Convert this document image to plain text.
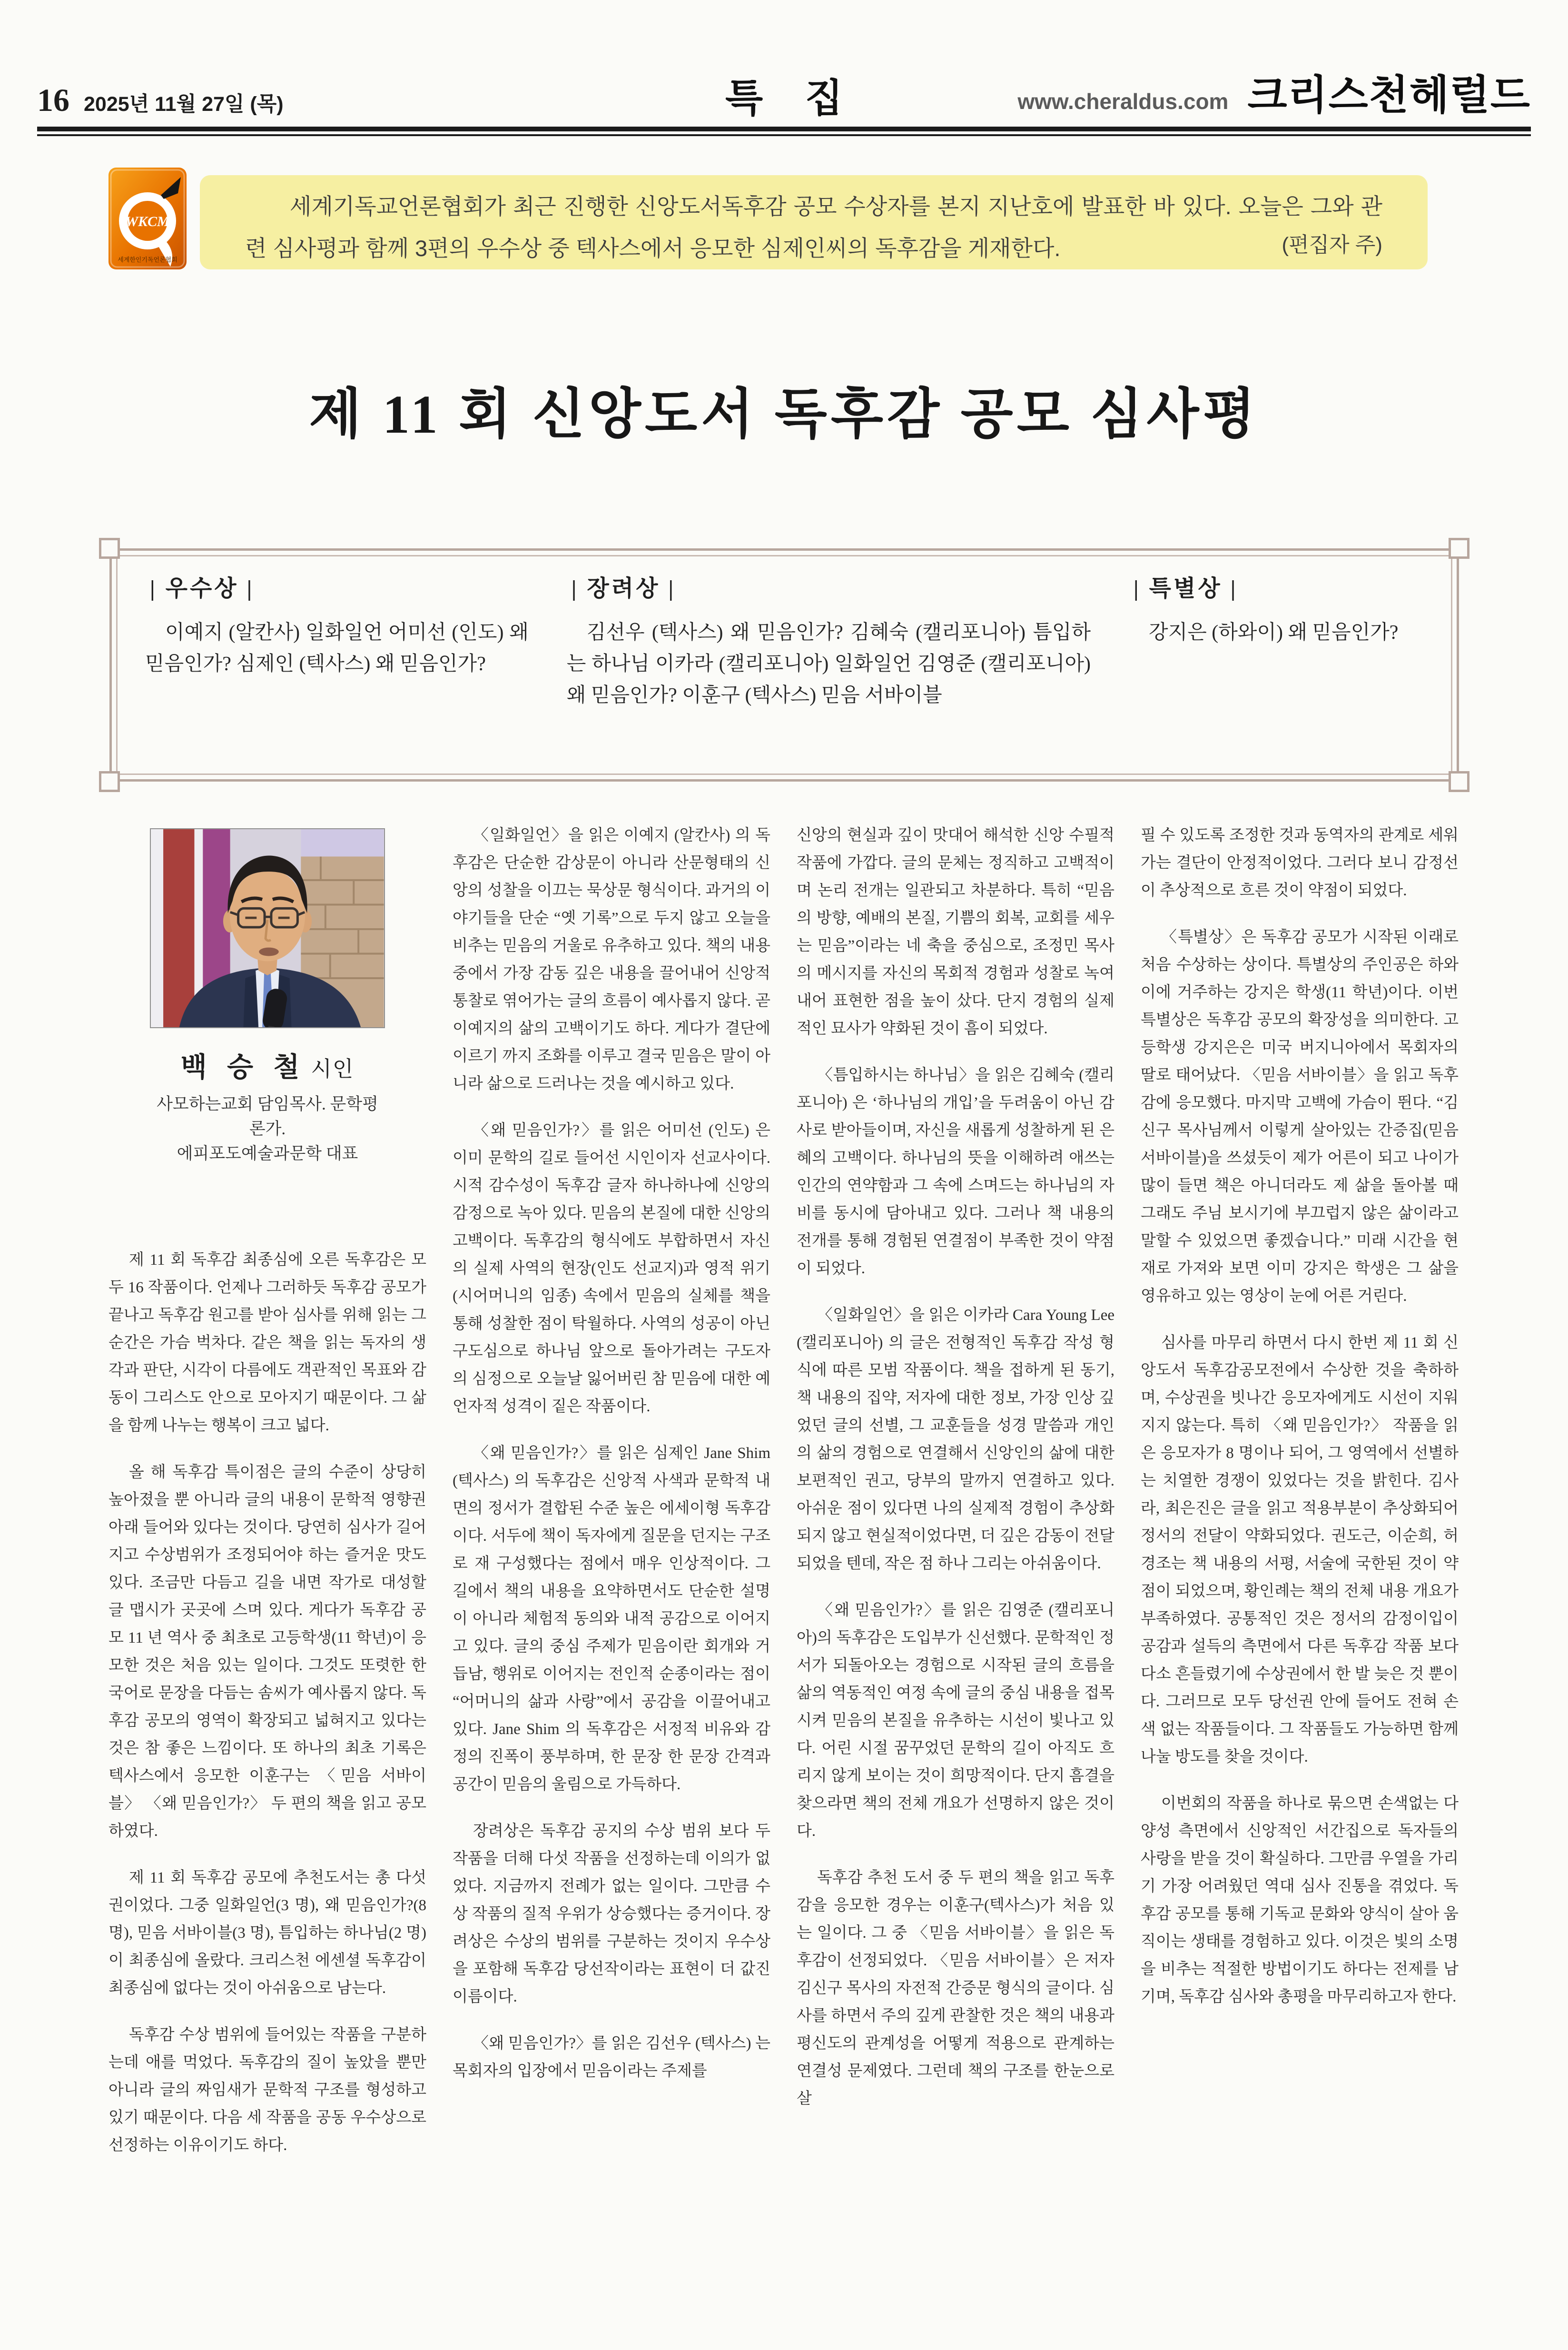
16 2025년 11월 27일 (목)	특 집	www.cheraldus.com 크리스천헤럴드
WKCM
세계한인기독언론협회
세계기독교언론협회가 최근 진행한 신앙도서독후감 공모 수상자를 본지 지난호에 발표한 바 있다. 오늘은 그와 관련 심사평과 함께 3편의 우수상 중 텍사스에서 응모한 심제인씨의 독후감을 게재한다.	(편집자 주)
제 11 회 신앙도서 독후감 공모 심사평
| 우수상 |
이예지 (알칸사) 일화일언 어미선 (인도) 왜 믿음인가? 심제인 (텍사스) 왜 믿음인가?
| 장려상 |
김선우 (텍사스) 왜 믿음인가? 김혜숙 (캘리포니아) 틈입하는 하나님 이카라 (캘리포니아) 일화일언 김영준 (캘리포니아) 왜 믿음인가? 이훈구 (텍사스) 믿음 서바이블
| 특별상 |
강지은 (하와이) 왜 믿음인가?
백 승 철 시인
사모하는교회 담임목사. 문학평론가.
에피포도예술과문학 대표

제 11 회 독후감 최종심에 오른 독후감은 모두 16 작품이다. 언제나 그러하듯 독후감 공모가 끝나고 독후감 원고를 받아 심사를 위해 읽는 그 순간은 가슴 벅차다. 같은 책을 읽는 독자의 생각과 판단, 시각이 다름에도 객관적인 목표와 감동이 그리스도 안으로 모아지기 때문이다. 그 삶을 함께 나누는 행복이 크고 넓다.

올 해 독후감 특이점은 글의 수준이 상당히 높아졌을 뿐 아니라 글의 내용이 문학적 영향권 아래 들어와 있다는 것이다. 당연히 심사가 길어지고 수상범위가 조정되어야 하는 즐거운 맛도 있다. 조금만 다듬고 길을 내면 작가로 대성할 글 맵시가 곳곳에 스며 있다. 게다가 독후감 공모 11 년 역사 중 최초로 고등학생(11 학년)이 응모한 것은 처음 있는 일이다. 그것도 또렷한 한국어로 문장을 다듬는 솜씨가 예사롭지 않다. 독후감 공모의 영역이 확장되고 넓혀지고 있다는 것은 참 좋은 느낌이다. 또 하나의 최초 기록은 텍사스에서 응모한 이훈구는 〈믿음 서바이블〉 〈왜 믿음인가?〉 두 편의 책을 읽고 공모하였다.

제 11 회 독후감 공모에 추천도서는 총 다섯 권이었다. 그중 일화일언(3 명), 왜 믿음인가?(8 명), 믿음 서바이블(3 명), 틈입하는 하나님(2 명)이 최종심에 올랐다. 크리스천 에센셜 독후감이 최종심에 없다는 것이 아쉬움으로 남는다.

독후감 수상 범위에 들어있는 작품을 구분하는데 애를 먹었다. 독후감의 질이 높았을 뿐만 아니라 글의 짜임새가 문학적 구조를 형성하고 있기 때문이다. 다음 세 작품을 공동 우수상으로 선정하는 이유이기도 하다.

〈일화일언〉을 읽은 이예지 (알칸사) 의 독후감은 단순한 감상문이 아니라 산문형태의 신앙의 성찰을 이끄는 묵상문 형식이다. 과거의 이야기들을 단순 “옛 기록”으로 두지 않고 오늘을 비추는 믿음의 거울로 유추하고 있다. 책의 내용 중에서 가장 감동 깊은 내용을 끌어내어 신앙적 통찰로 엮어가는 글의 흐름이 예사롭지 않다. 곧 이예지의 삶의 고백이기도 하다. 게다가 결단에 이르기 까지 조화를 이루고 결국 믿음은 말이 아니라 삶으로 드러나는 것을 예시하고 있다.

〈왜 믿음인가?〉를 읽은 어미선 (인도) 은 이미 문학의 길로 들어선 시인이자 선교사이다. 시적 감수성이 독후감 글자 하나하나에 신앙의 감정으로 녹아 있다. 믿음의 본질에 대한 신앙의 고백이다. 독후감의 형식에도 부합하면서 자신의 실제 사역의 현장(인도 선교지)과 영적 위기(시어머니의 임종) 속에서 믿음의 실체를 책을 통해 성찰한 점이 탁월하다. 사역의 성공이 아닌 구도심으로 하나님 앞으로 돌아가려는 구도자의 심정으로 오늘날 잃어버린 참 믿음에 대한 예언자적 성격이 짙은 작품이다.

〈왜 믿음인가?〉를 읽은 심제인 Jane Shim (텍사스) 의 독후감은 신앙적 사색과 문학적 내면의 정서가 결합된 수준 높은 에세이형 독후감이다. 서두에 책이 독자에게 질문을 던지는 구조로 재 구성했다는 점에서 매우 인상적이다. 그 길에서 책의 내용을 요약하면서도 단순한 설명이 아니라 체험적 동의와 내적 공감으로 이어지고 있다. 글의 중심 주제가 믿음이란 회개와 거듭남, 행위로 이어지는 전인적 순종이라는 점이 “어머니의 삶과 사랑”에서 공감을 이끌어내고 있다. Jane Shim 의 독후감은 서정적 비유와 감정의 진폭이 풍부하며, 한 문장 한 문장 간격과 공간이 믿음의 울림으로 가득하다.

장려상은 독후감 공지의 수상 범위 보다 두 작품을 더해 다섯 작품을 선정하는데 이의가 없었다. 지금까지 전례가 없는 일이다. 그만큼 수상 작품의 질적 우위가 상승했다는 증거이다. 장려상은 수상의 범위를 구분하는 것이지 우수상을 포함해 독후감 당선작이라는 표현이 더 값진 이름이다.

〈왜 믿음인가?〉를 읽은 김선우 (텍사스) 는 목회자의 입장에서 믿음이라는 주제를

신앙의 현실과 깊이 맛대어 해석한 신앙 수필적 작품에 가깝다. 글의 문체는 정직하고 고백적이며 논리 전개는 일관되고 차분하다. 특히 “믿음의 방향, 예배의 본질, 기쁨의 회복, 교회를 세우는 믿음”이라는 네 축을 중심으로, 조정민 목사의 메시지를 자신의 목회적 경험과 성찰로 녹여내어 표현한 점을 높이 샀다. 단지 경험의 실제적인 묘사가 약화된 것이 흠이 되었다.

〈틈입하시는 하나님〉을 읽은 김혜숙 (캘리포니아) 은 ‘하나님의 개입’을 두려움이 아닌 감사로 받아들이며, 자신을 새롭게 성찰하게 된 은혜의 고백이다. 하나님의 뜻을 이해하려 애쓰는 인간의 연약함과 그 속에 스며드는 하나님의 자비를 동시에 담아내고 있다. 그러나 책 내용의 전개를 통해 경험된 연결점이 부족한 것이 약점이 되었다.

〈일화일언〉을 읽은 이카라 Cara Young Lee (캘리포니아) 의 글은 전형적인 독후감 작성 형식에 따른 모범 작품이다. 책을 접하게 된 동기, 책 내용의 집약, 저자에 대한 정보, 가장 인상 깊었던 글의 선별, 그 교훈들을 성경 말씀과 개인의 삶의 경험으로 연결해서 신앙인의 삶에 대한 보편적인 권고, 당부의 말까지 연결하고 있다. 아쉬운 점이 있다면 나의 실제적 경험이 추상화 되지 않고 현실적이었다면, 더 깊은 감동이 전달되었을 텐데, 작은 점 하나 그리는 아쉬움이다.

〈왜 믿음인가?〉를 읽은 김영준 (캘리포니아)의 독후감은 도입부가 신선했다. 문학적인 정서가 되돌아오는 경험으로 시작된 글의 흐름을 삶의 역동적인 여정 속에 글의 중심 내용을 접목시켜 믿음의 본질을 유추하는 시선이 빛나고 있다. 어린 시절 꿈꾸었던 문학의 길이 아직도 흐리지 않게 보이는 것이 희망적이다. 단지 흠결을 찾으라면 책의 전체 개요가 선명하지 않은 것이다.

독후감 추천 도서 중 두 편의 책을 읽고 독후감을 응모한 경우는 이훈구(텍사스)가 처음 있는 일이다. 그 중 〈믿음 서바이블〉을 읽은 독후감이 선정되었다. 〈믿음 서바이블〉은 저자 김신구 목사의 자전적 간증문 형식의 글이다. 심사를 하면서 주의 깊게 관찰한 것은 책의 내용과 평신도의 관계성을 어떻게 적용으로 관계하는 연결성 문제였다. 그런데 책의 구조를 한눈으로 살

필 수 있도록 조정한 것과 동역자의 관계로 세워가는 결단이 안정적이었다. 그러다 보니 감정선이 추상적으로 흐른 것이 약점이 되었다.

〈특별상〉은 독후감 공모가 시작된 이래로 처음 수상하는 상이다. 특별상의 주인공은 하와이에 거주하는 강지은 학생(11 학년)이다. 이번 특별상은 독후감 공모의 확장성을 의미한다. 고등학생 강지은은 미국 버지니아에서 목회자의 딸로 태어났다. 〈믿음 서바이블〉을 읽고 독후감에 응모했다. 마지막 고백에 가슴이 뛴다. “김신구 목사님께서 이렇게 살아있는 간증집(믿음 서바이블)을 쓰셨듯이 제가 어른이 되고 나이가 많이 들면 책은 아니더라도 제 삶을 돌아볼 때 그래도 주님 보시기에 부끄럽지 않은 삶이라고 말할 수 있었으면 좋겠습니다.” 미래 시간을 현재로 가져와 보면 이미 강지은 학생은 그 삶을 영유하고 있는 영상이 눈에 어른 거린다.

심사를 마무리 하면서 다시 한번 제 11 회 신앙도서 독후감공모전에서 수상한 것을 축하하며, 수상권을 빗나간 응모자에게도 시선이 지워지지 않는다. 특히 〈왜 믿음인가?〉 작품을 읽은 응모자가 8 명이나 되어, 그 영역에서 선별하는 치열한 경쟁이 있었다는 것을 밝힌다. 김사라, 최은진은 글을 읽고 적용부분이 추상화되어 정서의 전달이 약화되었다. 권도근, 이순희, 허경조는 책 내용의 서평, 서술에 국한된 것이 약점이 되었으며, 황인례는 책의 전체 내용 개요가 부족하였다. 공통적인 것은 정서의 감정이입이 공감과 설득의 측면에서 다른 독후감 작품 보다 다소 흔들렸기에 수상권에서 한 발 늦은 것 뿐이다. 그러므로 모두 당선권 안에 들어도 전혀 손색 없는 작품들이다. 그 작품들도 가능하면 함께 나눌 방도를 찾을 것이다.

이번회의 작품을 하나로 묶으면 손색없는 다양성 측면에서 신앙적인 서간집으로 독자들의 사랑을 받을 것이 확실하다. 그만큼 우열을 가리기 가장 어려웠던 역대 심사 진통을 겪었다. 독후감 공모를 통해 기독교 문화와 양식이 살아 움직이는 생태를 경험하고 있다. 이것은 빛의 소명을 비추는 적절한 방법이기도 하다는 전제를 남기며, 독후감 심사와 총평을 마무리하고자 한다.
